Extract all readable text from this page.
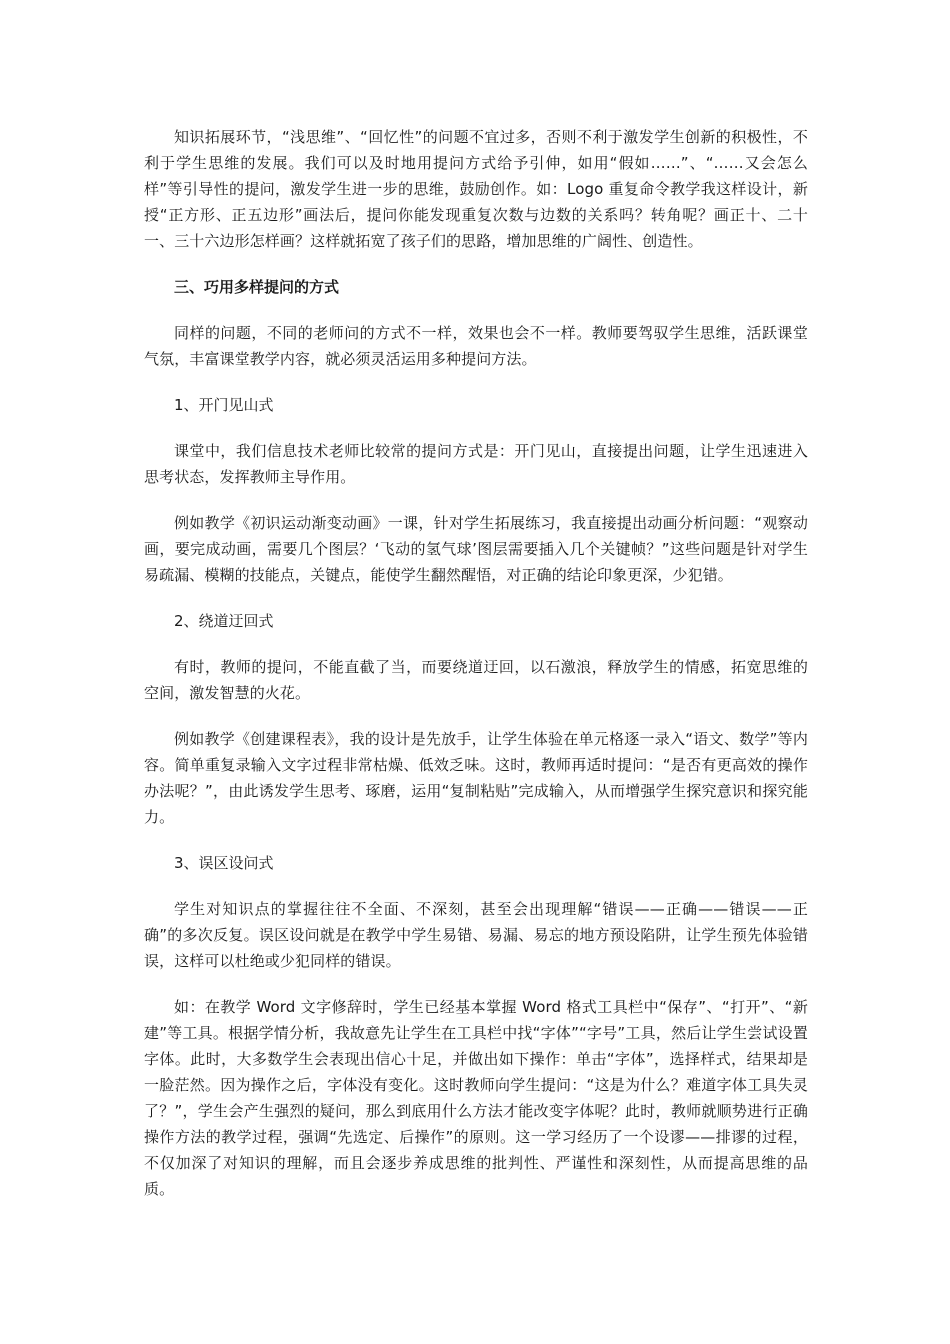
知识拓展环节，“浅思维”、“回忆性”的问题不宜过多，否则不利于激发学生创新的积极性，不利于学生思维的发展。我们可以及时地用提问方式给予引伸，如用“假如……”、“……又会怎么样”等引导性的提问，激发学生进一步的思维，鼓励创作。如：Logo 重复命令教学我这样设计，新授“正方形、正五边形”画法后，提问你能发现重复次数与边数的关系吗？转角呢？画正十、二十一、三十六边形怎样画？这样就拓宽了孩子们的思路，增加思维的广阔性、创造性。

三、巧用多样提问的方式

同样的问题，不同的老师问的方式不一样，效果也会不一样。教师要驾驭学生思维，活跃课堂气氛，丰富课堂教学内容，就必须灵活运用多种提问方法。

1、开门见山式

课堂中，我们信息技术老师比较常的提问方式是：开门见山，直接提出问题，让学生迅速进入思考状态，发挥教师主导作用。

例如教学《初识运动渐变动画》一课，针对学生拓展练习，我直接提出动画分析问题：“观察动画，要完成动画，需要几个图层？‘飞动的氢气球’图层需要插入几个关键帧？”这些问题是针对学生易疏漏、模糊的技能点，关键点，能使学生翻然醒悟，对正确的结论印象更深，少犯错。

2、绕道迂回式

有时，教师的提问，不能直截了当，而要绕道迂回，以石激浪，释放学生的情感，拓宽思维的空间，激发智慧的火花。

例如教学《创建课程表》，我的设计是先放手，让学生体验在单元格逐一录入“语文、数学”等内容。简单重复录输入文字过程非常枯燥、低效乏味。这时，教师再适时提问：“是否有更高效的操作办法呢？”，由此诱发学生思考、琢磨，运用“复制粘贴”完成输入，从而增强学生探究意识和探究能力。

3、误区设问式

学生对知识点的掌握往往不全面、不深刻，甚至会出现理解“错误——正确——错误——正确”的多次反复。误区设问就是在教学中学生易错、易漏、易忘的地方预设陷阱，让学生预先体验错误，这样可以杜绝或少犯同样的错误。

如：在教学 Word 文字修辞时，学生已经基本掌握 Word 格式工具栏中“保存”、“打开”、“新建”等工具。根据学情分析，我故意先让学生在工具栏中找“字体”“字号”工具，然后让学生尝试设置字体。此时，大多数学生会表现出信心十足，并做出如下操作：单击“字体”，选择样式，结果却是一脸茫然。因为操作之后，字体没有变化。这时教师向学生提问：“这是为什么？难道字体工具失灵了？”，学生会产生强烈的疑问，那么到底用什么方法才能改变字体呢？此时，教师就顺势进行正确操作方法的教学过程，强调“先选定、后操作”的原则。这一学习经历了一个设谬——排谬的过程，不仅加深了对知识的理解，而且会逐步养成思维的批判性、严谨性和深刻性，从而提高思维的品质。
